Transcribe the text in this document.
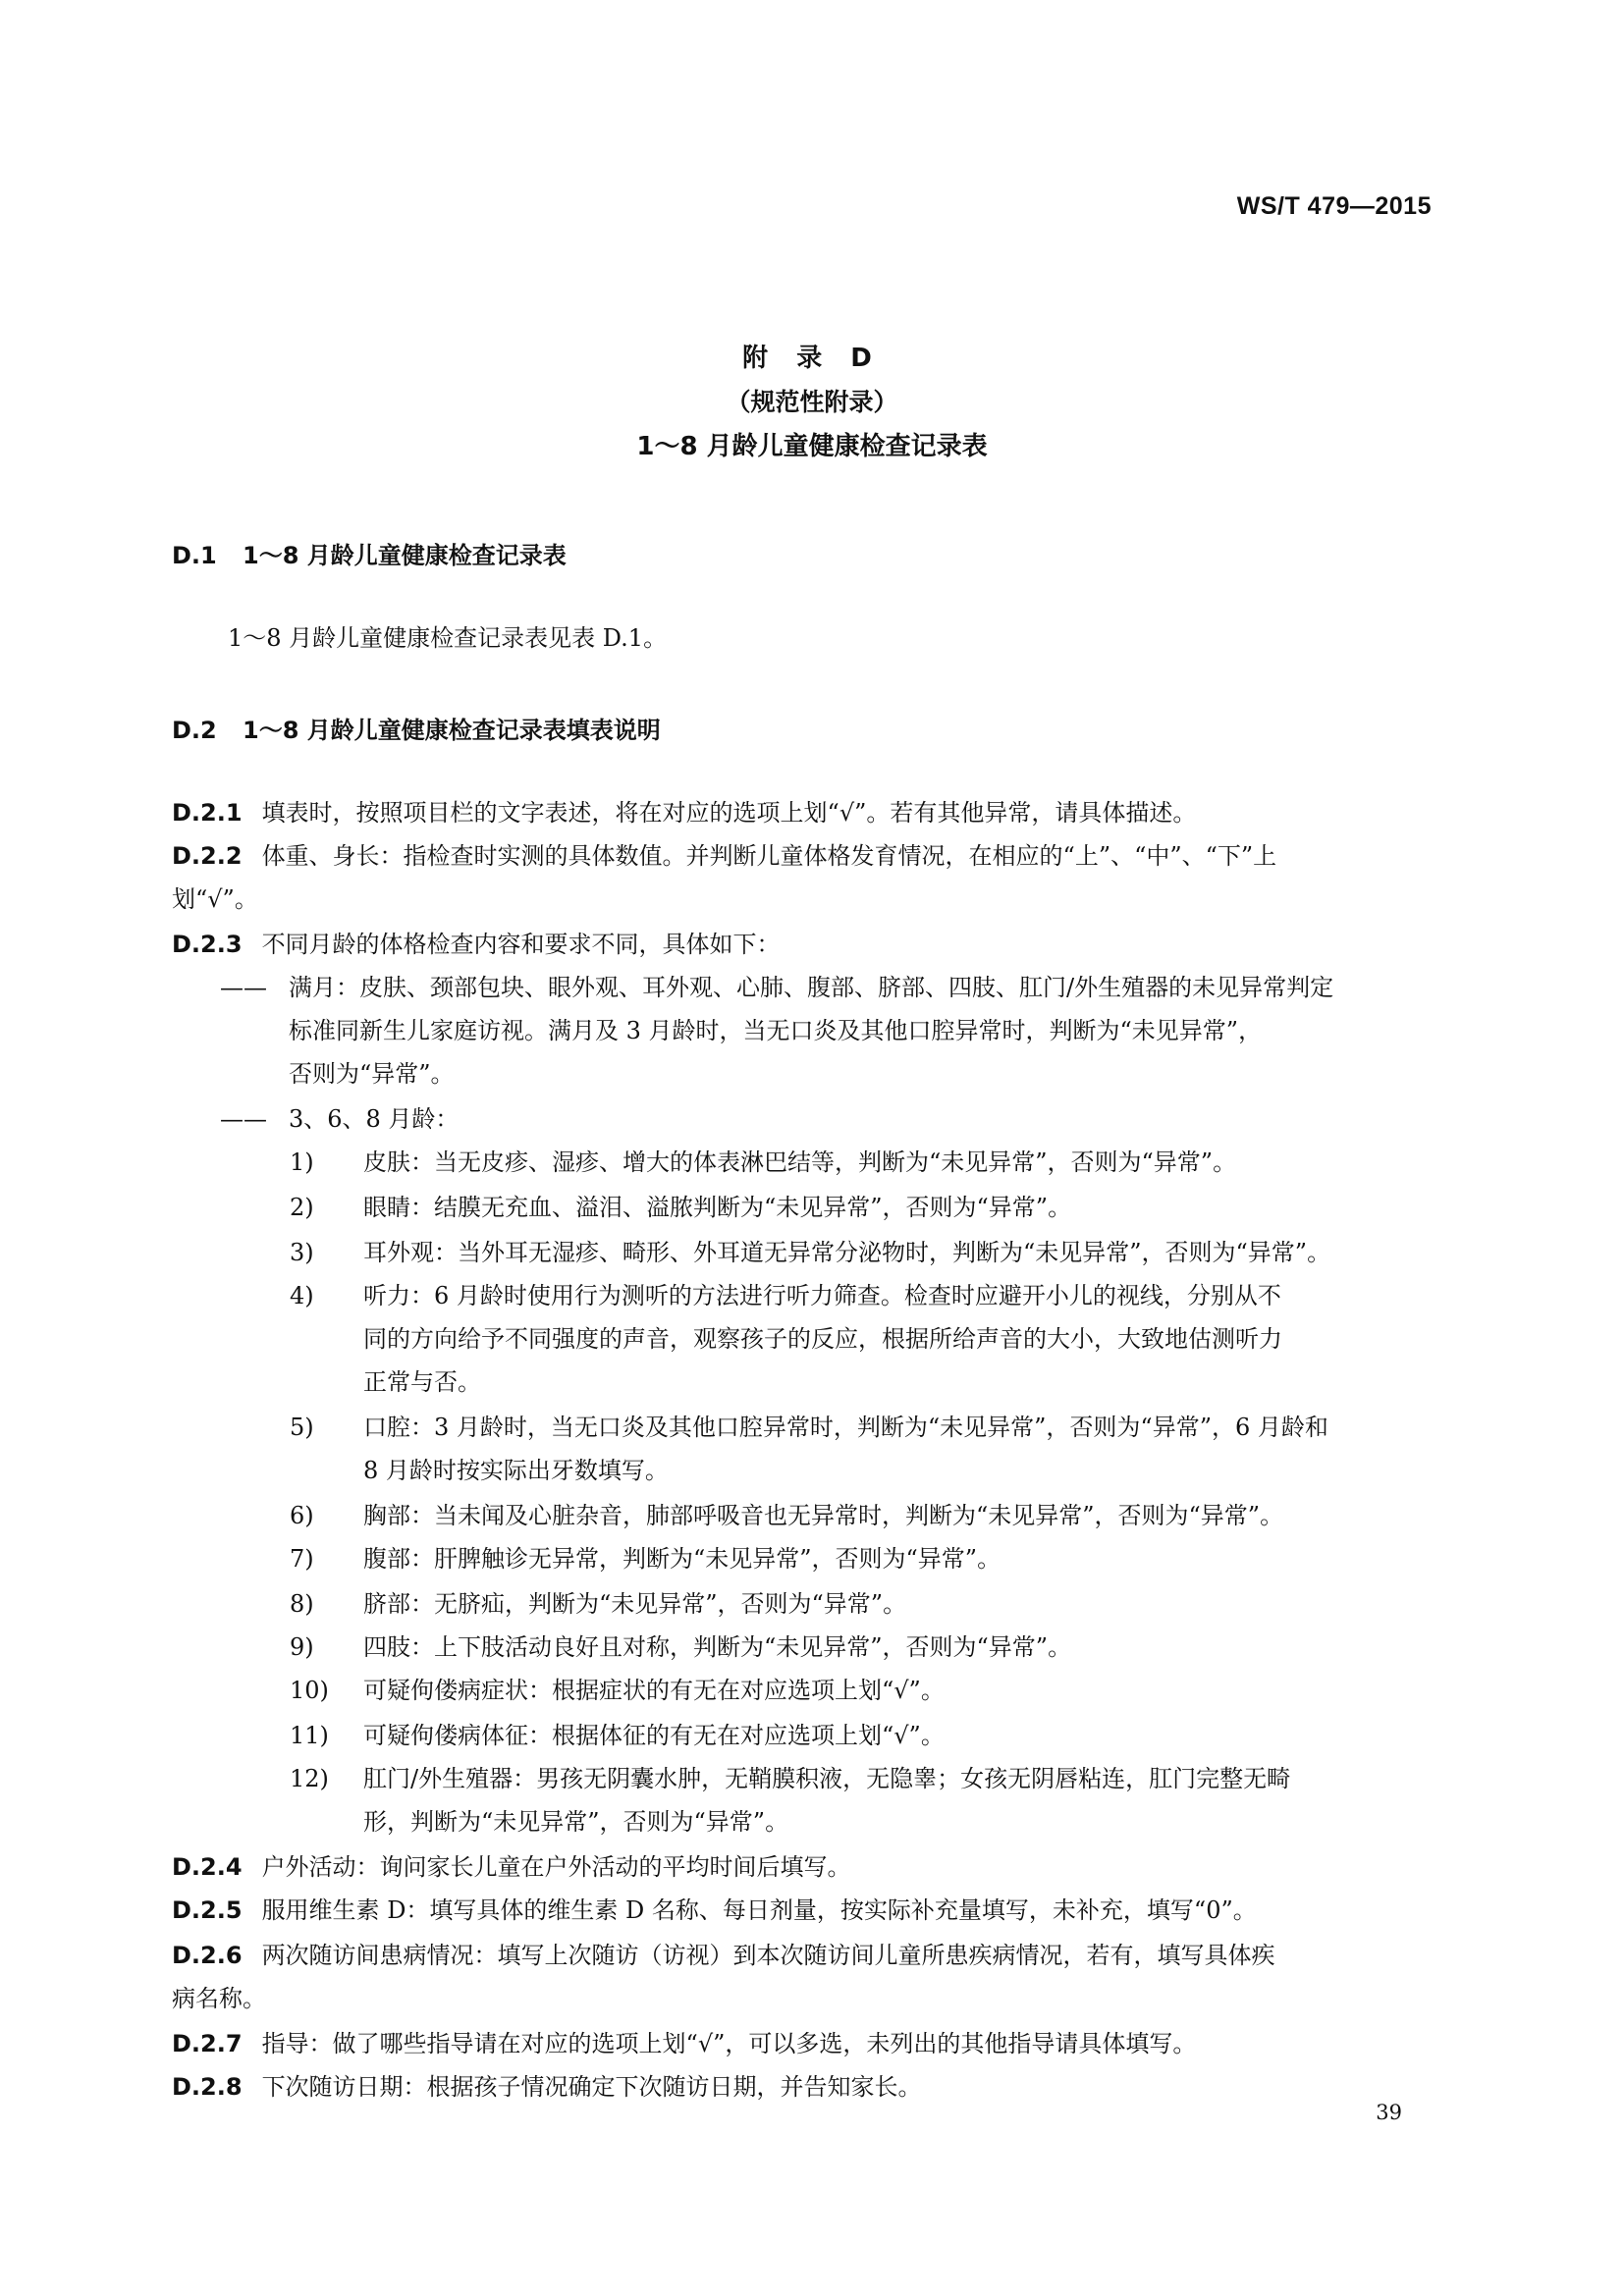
WS/T 479—2015
附 录 D
（规范性附录）
1～8 月龄儿童健康检查记录表
D.1 1～8 月龄儿童健康检查记录表
1～8 月龄儿童健康检查记录表见表 D.1。
D.2 1～8 月龄儿童健康检查记录表填表说明
D.2.1 填表时，按照项目栏的文字表述，将在对应的选项上划“√”。若有其他异常，请具体描述。
D.2.2 体重、身长：指检查时实测的具体数值。并判断儿童体格发育情况，在相应的“上”、“中”、“下”上
划“√”。
D.2.3 不同月龄的体格检查内容和要求不同，具体如下：
—— 满月：皮肤、颈部包块、眼外观、耳外观、心肺、腹部、脐部、四肢、肛门/外生殖器的未见异常判定
标准同新生儿家庭访视。满月及 3 月龄时，当无口炎及其他口腔异常时，判断为“未见异常”，
否则为“异常”。
—— 3、6、8 月龄：
1) 皮肤：当无皮疹、湿疹、增大的体表淋巴结等，判断为“未见异常”，否则为“异常”。
2) 眼睛：结膜无充血、溢泪、溢脓判断为“未见异常”，否则为“异常”。
3) 耳外观：当外耳无湿疹、畸形、外耳道无异常分泌物时，判断为“未见异常”，否则为“异常”。
4) 听力：6 月龄时使用行为测听的方法进行听力筛查。检查时应避开小儿的视线，分别从不
同的方向给予不同强度的声音，观察孩子的反应，根据所给声音的大小，大致地估测听力
正常与否。
5) 口腔：3 月龄时，当无口炎及其他口腔异常时，判断为“未见异常”，否则为“异常”，6 月龄和
8 月龄时按实际出牙数填写。
6) 胸部：当未闻及心脏杂音，肺部呼吸音也无异常时，判断为“未见异常”，否则为“异常”。
7) 腹部：肝脾触诊无异常，判断为“未见异常”，否则为“异常”。
8) 脐部：无脐疝，判断为“未见异常”，否则为“异常”。
9) 四肢：上下肢活动良好且对称，判断为“未见异常”，否则为“异常”。
10) 可疑佝偻病症状：根据症状的有无在对应选项上划“√”。
11) 可疑佝偻病体征：根据体征的有无在对应选项上划“√”。
12) 肛门/外生殖器：男孩无阴囊水肿，无鞘膜积液，无隐睾；女孩无阴唇粘连，肛门完整无畸
形，判断为“未见异常”，否则为“异常”。
D.2.4 户外活动：询问家长儿童在户外活动的平均时间后填写。
D.2.5 服用维生素 D：填写具体的维生素 D 名称、每日剂量，按实际补充量填写，未补充，填写“0”。
D.2.6 两次随访间患病情况：填写上次随访（访视）到本次随访间儿童所患疾病情况，若有，填写具体疾
病名称。
D.2.7 指导：做了哪些指导请在对应的选项上划“√”，可以多选，未列出的其他指导请具体填写。
D.2.8 下次随访日期：根据孩子情况确定下次随访日期，并告知家长。
39
